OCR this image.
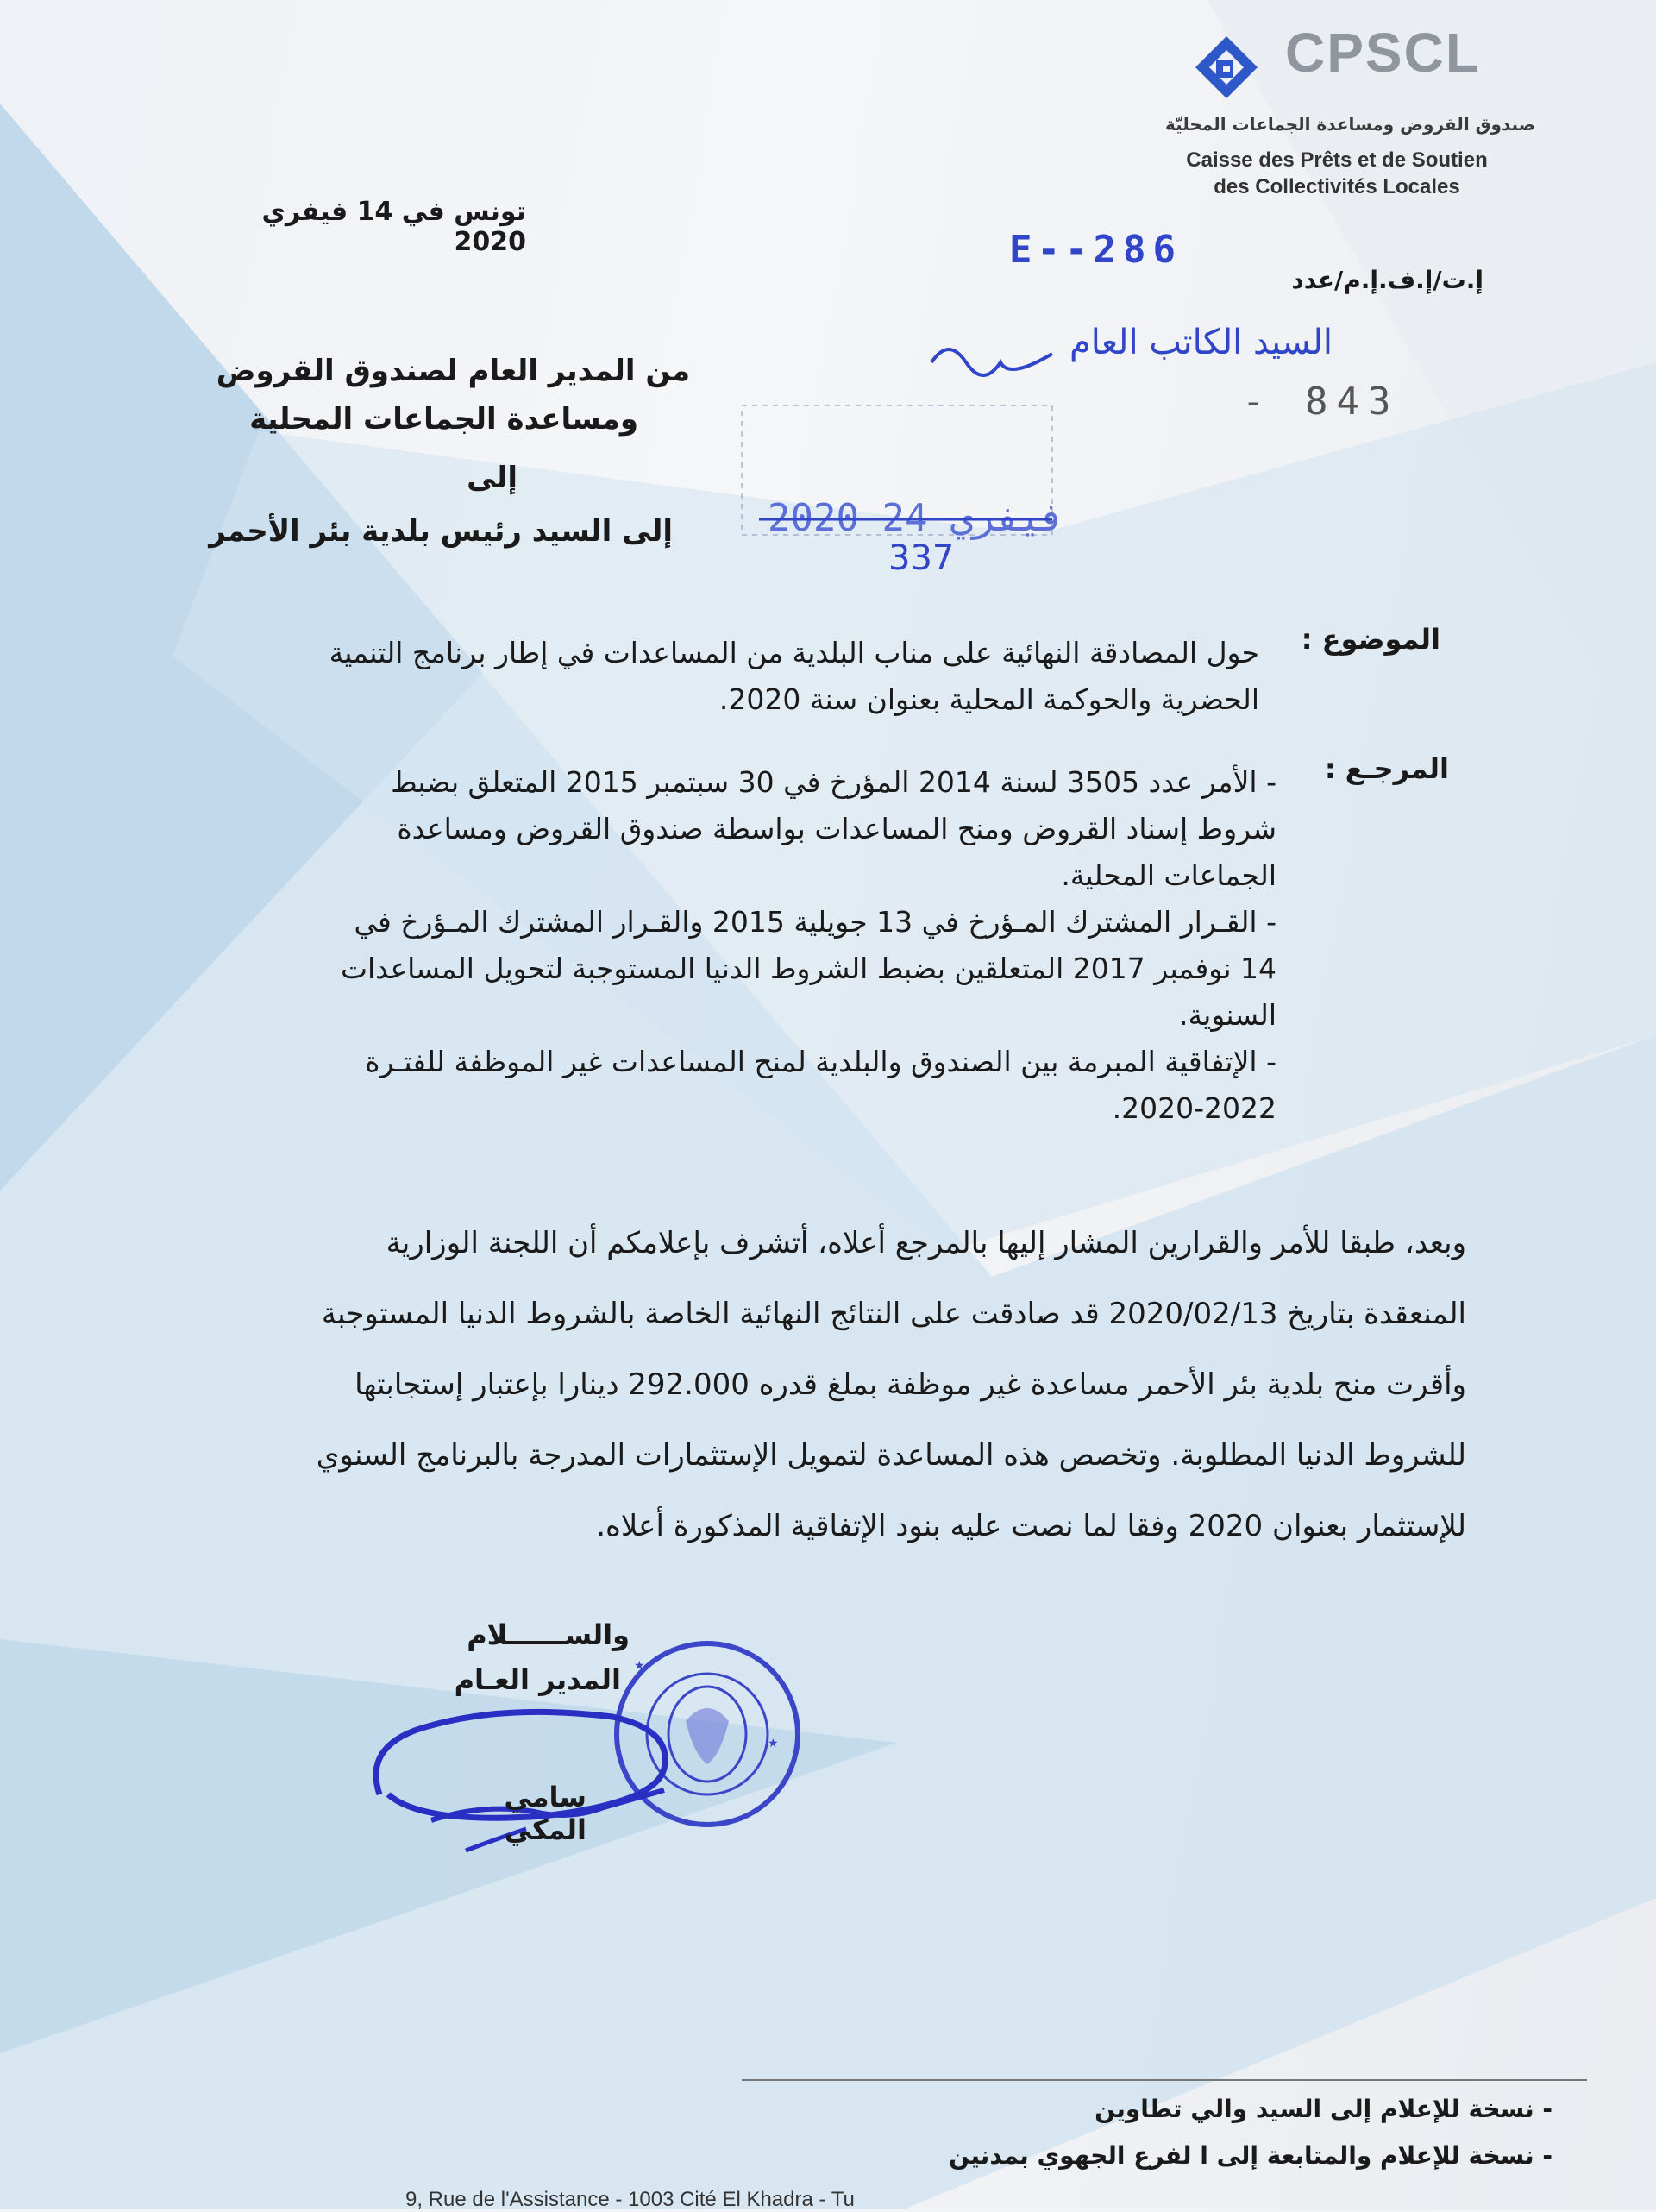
CPSCL
صندوق القروض ومساعدة الجماعات المحليّة
Caisse des Prêts et de Soutien
des Collectivités Locales
تونس في 14 فيفري 2020
إ.ت/إ.ف.إ.م/عدد
E--286
- 843
من المدير العام لصندوق القروض
ومساعدة الجماعات المحلية
إلى
إلى السيد رئيس بلدية بئر الأحمر
السيد الكاتب العام
2020 فيفري 24
337
الموضوع :
حول المصادقة النهائية على مناب البلدية من المساعدات في إطار برنامج التنمية
الحضرية والحوكمة المحلية بعنوان سنة 2020.
المرجـع :
- الأمر عدد 3505 لسنة 2014 المؤرخ في 30 سبتمبر 2015 المتعلق بضبط
شروط إسناد القروض ومنح المساعدات بواسطة صندوق القروض ومساعدة
الجماعات المحلية.
- القـرار المشترك المـؤرخ في 13 جويلية 2015 والقـرار المشترك المـؤرخ في
14 نوفمبر 2017 المتعلقين بضبط الشروط الدنيا المستوجبة لتحويل المساعدات
السنوية.
- الإتفاقية المبرمة بين الصندوق والبلدية لمنح المساعدات غير الموظفة للفتـرة
2020-2022.
وبعد، طبقا للأمر والقرارين المشار إليها بالمرجع أعلاه، أتشرف بإعلامكم أن اللجنة الوزارية
المنعقدة بتاريخ 2020/02/13 قد صادقت على النتائج النهائية الخاصة بالشروط الدنيا المستوجبة
وأقرت منح بلدية بئر الأحمر مساعدة غير موظفة بملغ قدره 292.000 دينارا بإعتبار إستجابتها
للشروط الدنيا المطلوبة. وتخصص هذه المساعدة لتمويل الإستثمارات المدرجة بالبرنامج السنوي
للإستثمار بعنوان 2020 وفقا لما نصت عليه بنود الإتفاقية المذكورة أعلاه.
والســــــلام
المدير العـام ★
★
سامي المكي
- نسخة للإعلام إلى السيد والي تطاوين
- نسخة للإعلام والمتابعة إلى ا لفرع الجهوي بمدنين
9, Rue de l'Assistance - 1003 Cité El Khadra - Tu
